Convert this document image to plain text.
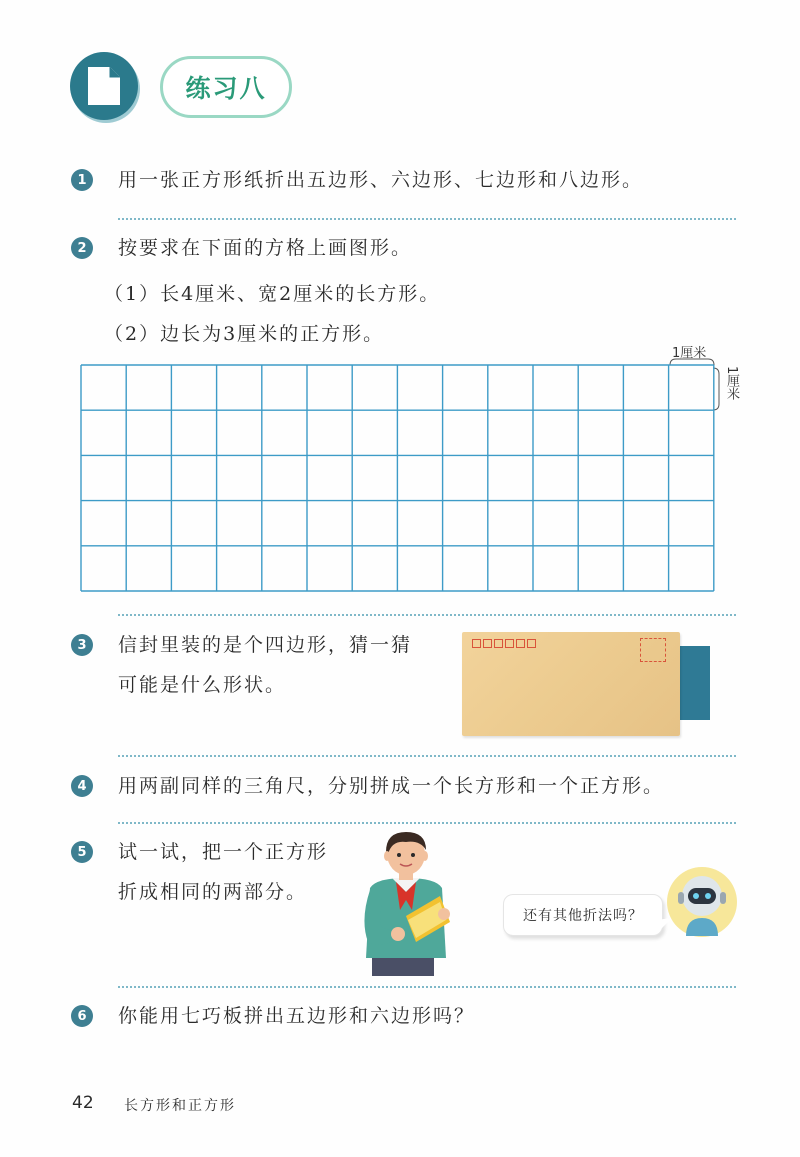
练习八
1	用一张正方形纸折出五边形、六边形、七边形和八边形。
2	按要求在下面的方格上画图形。
（1）长4厘米、宽2厘米的长方形。
（2）边长为3厘米的正方形。
1厘米
1厘米
3	信封里装的是个四边形，猜一猜
可能是什么形状。
4	用两副同样的三角尺，分别拼成一个长方形和一个正方形。
5	试一试，把一个正方形
折成相同的两部分。
还有其他折法吗？
6	你能用七巧板拼出五边形和六边形吗？
42 长方形和正方形
